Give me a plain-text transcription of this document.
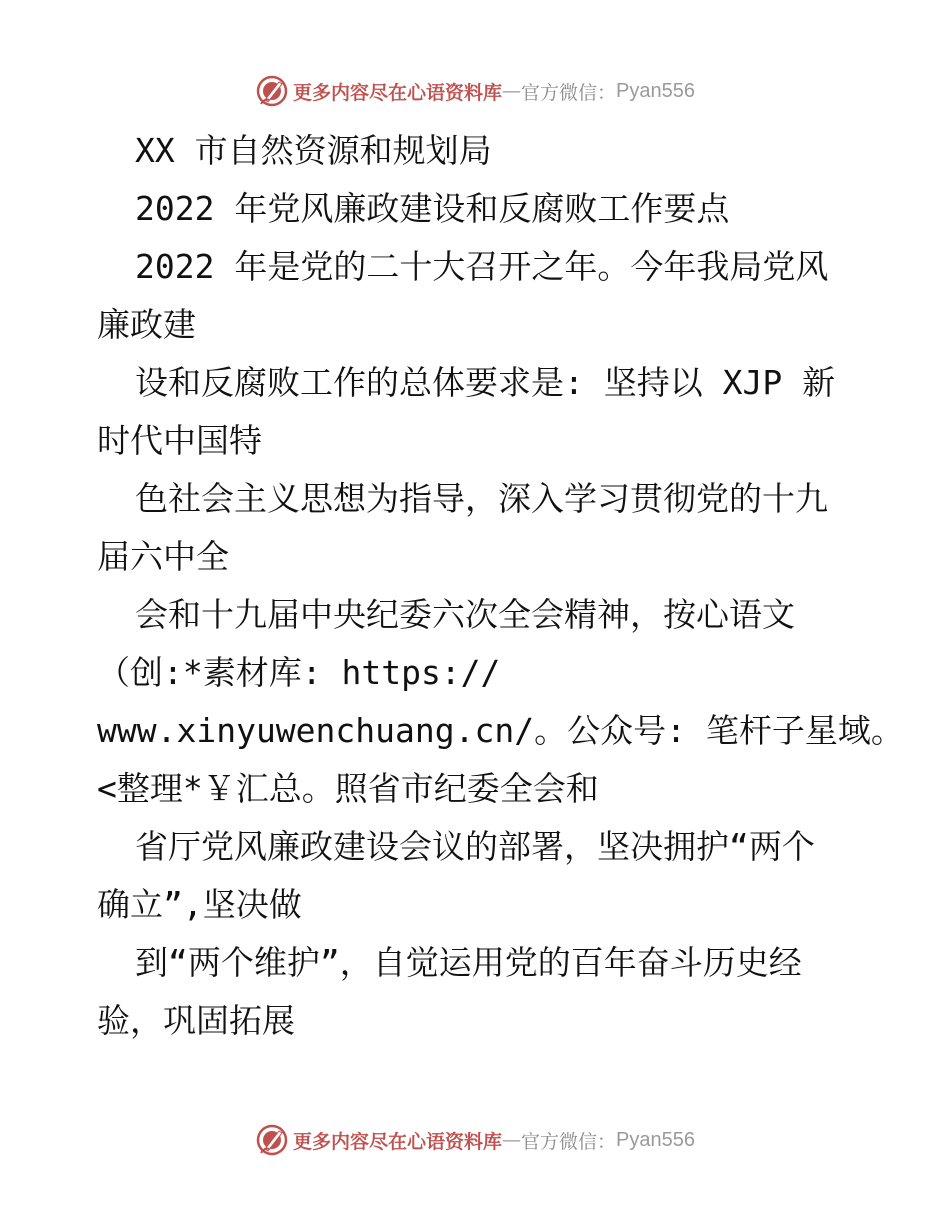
更多内容尽在心语资料库 — 官方微信： Pyan556
XX 市自然资源和规划局
2022 年党风廉政建设和反腐败工作要点
2022 年是党的二十大召开之年。今年我局党风
廉政建
设和反腐败工作的总体要求是: 坚持以 XJP 新
时代中国特
色社会主义思想为指导，深入学习贯彻党的十九
届六中全
会和十九届中央纪委六次全会精神，按心语文
（创:*素材库: https://
www.xinyuwenchuang.cn/。公众号: 笔杆子星域。
<整理*￥汇总。照省市纪委全会和
省厅党风廉政建设会议的部署，坚决拥护“两个
确立”,坚决做
到“两个维护”，自觉运用党的百年奋斗历史经
验，巩固拓展
更多内容尽在心语资料库 — 官方微信： Pyan556
